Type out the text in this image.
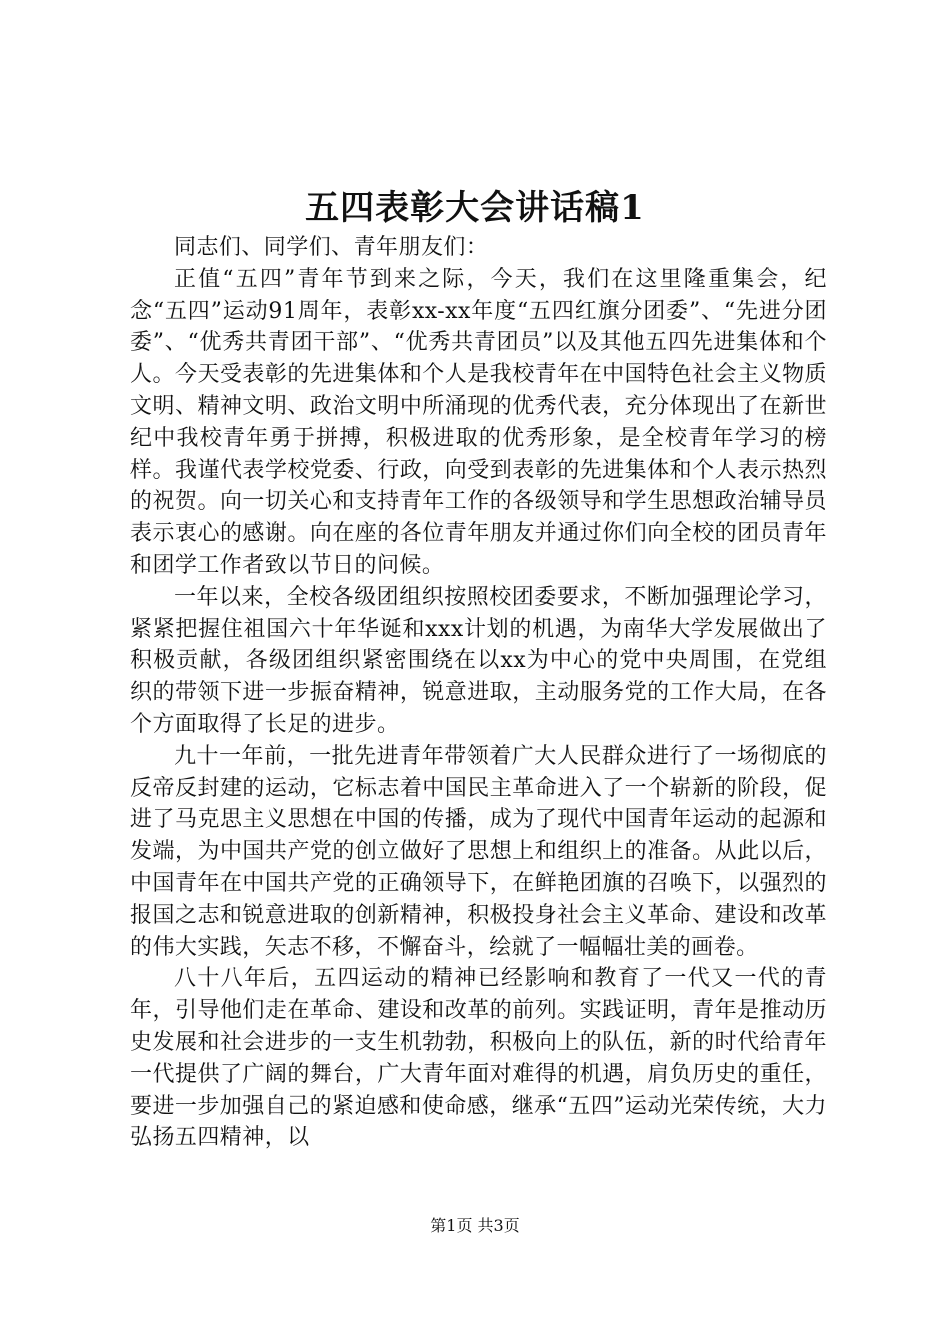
五四表彰大会讲话稿1

同志们、同学们、青年朋友们：

正值“五四”青年节到来之际，今天，我们在这里隆重集会，纪念“五四”运动91周年，表彰xx-xx年度“五四红旗分团委”、“先进分团委”、“优秀共青团干部”、“优秀共青团员”以及其他五四先进集体和个人。今天受表彰的先进集体和个人是我校青年在中国特色社会主义物质文明、精神文明、政治文明中所涌现的优秀代表，充分体现出了在新世纪中我校青年勇于拼搏，积极进取的优秀形象，是全校青年学习的榜样。我谨代表学校党委、行政，向受到表彰的先进集体和个人表示热烈的祝贺。向一切关心和支持青年工作的各级领导和学生思想政治辅导员表示衷心的感谢。向在座的各位青年朋友并通过你们向全校的团员青年和团学工作者致以节日的问候。

一年以来，全校各级团组织按照校团委要求，不断加强理论学习，紧紧把握住祖国六十年华诞和xxx计划的机遇，为南华大学发展做出了积极贡献，各级团组织紧密围绕在以xx为中心的党中央周围，在党组织的带领下进一步振奋精神，锐意进取，主动服务党的工作大局，在各个方面取得了长足的进步。

九十一年前，一批先进青年带领着广大人民群众进行了一场彻底的反帝反封建的运动，它标志着中国民主革命进入了一个崭新的阶段，促进了马克思主义思想在中国的传播，成为了现代中国青年运动的起源和发端，为中国共产党的创立做好了思想上和组织上的准备。从此以后，中国青年在中国共产党的正确领导下，在鲜艳团旗的召唤下，以强烈的报国之志和锐意进取的创新精神，积极投身社会主义革命、建设和改革的伟大实践，矢志不移，不懈奋斗，绘就了一幅幅壮美的画卷。

八十八年后，五四运动的精神已经影响和教育了一代又一代的青年，引导他们走在革命、建设和改革的前列。实践证明，青年是推动历史发展和社会进步的一支生机勃勃，积极向上的队伍，新的时代给青年一代提供了广阔的舞台，广大青年面对难得的机遇，肩负历史的重任，要进一步加强自己的紧迫感和使命感，继承“五四”运动光荣传统，大力弘扬五四精神，以

第1页 共3页
